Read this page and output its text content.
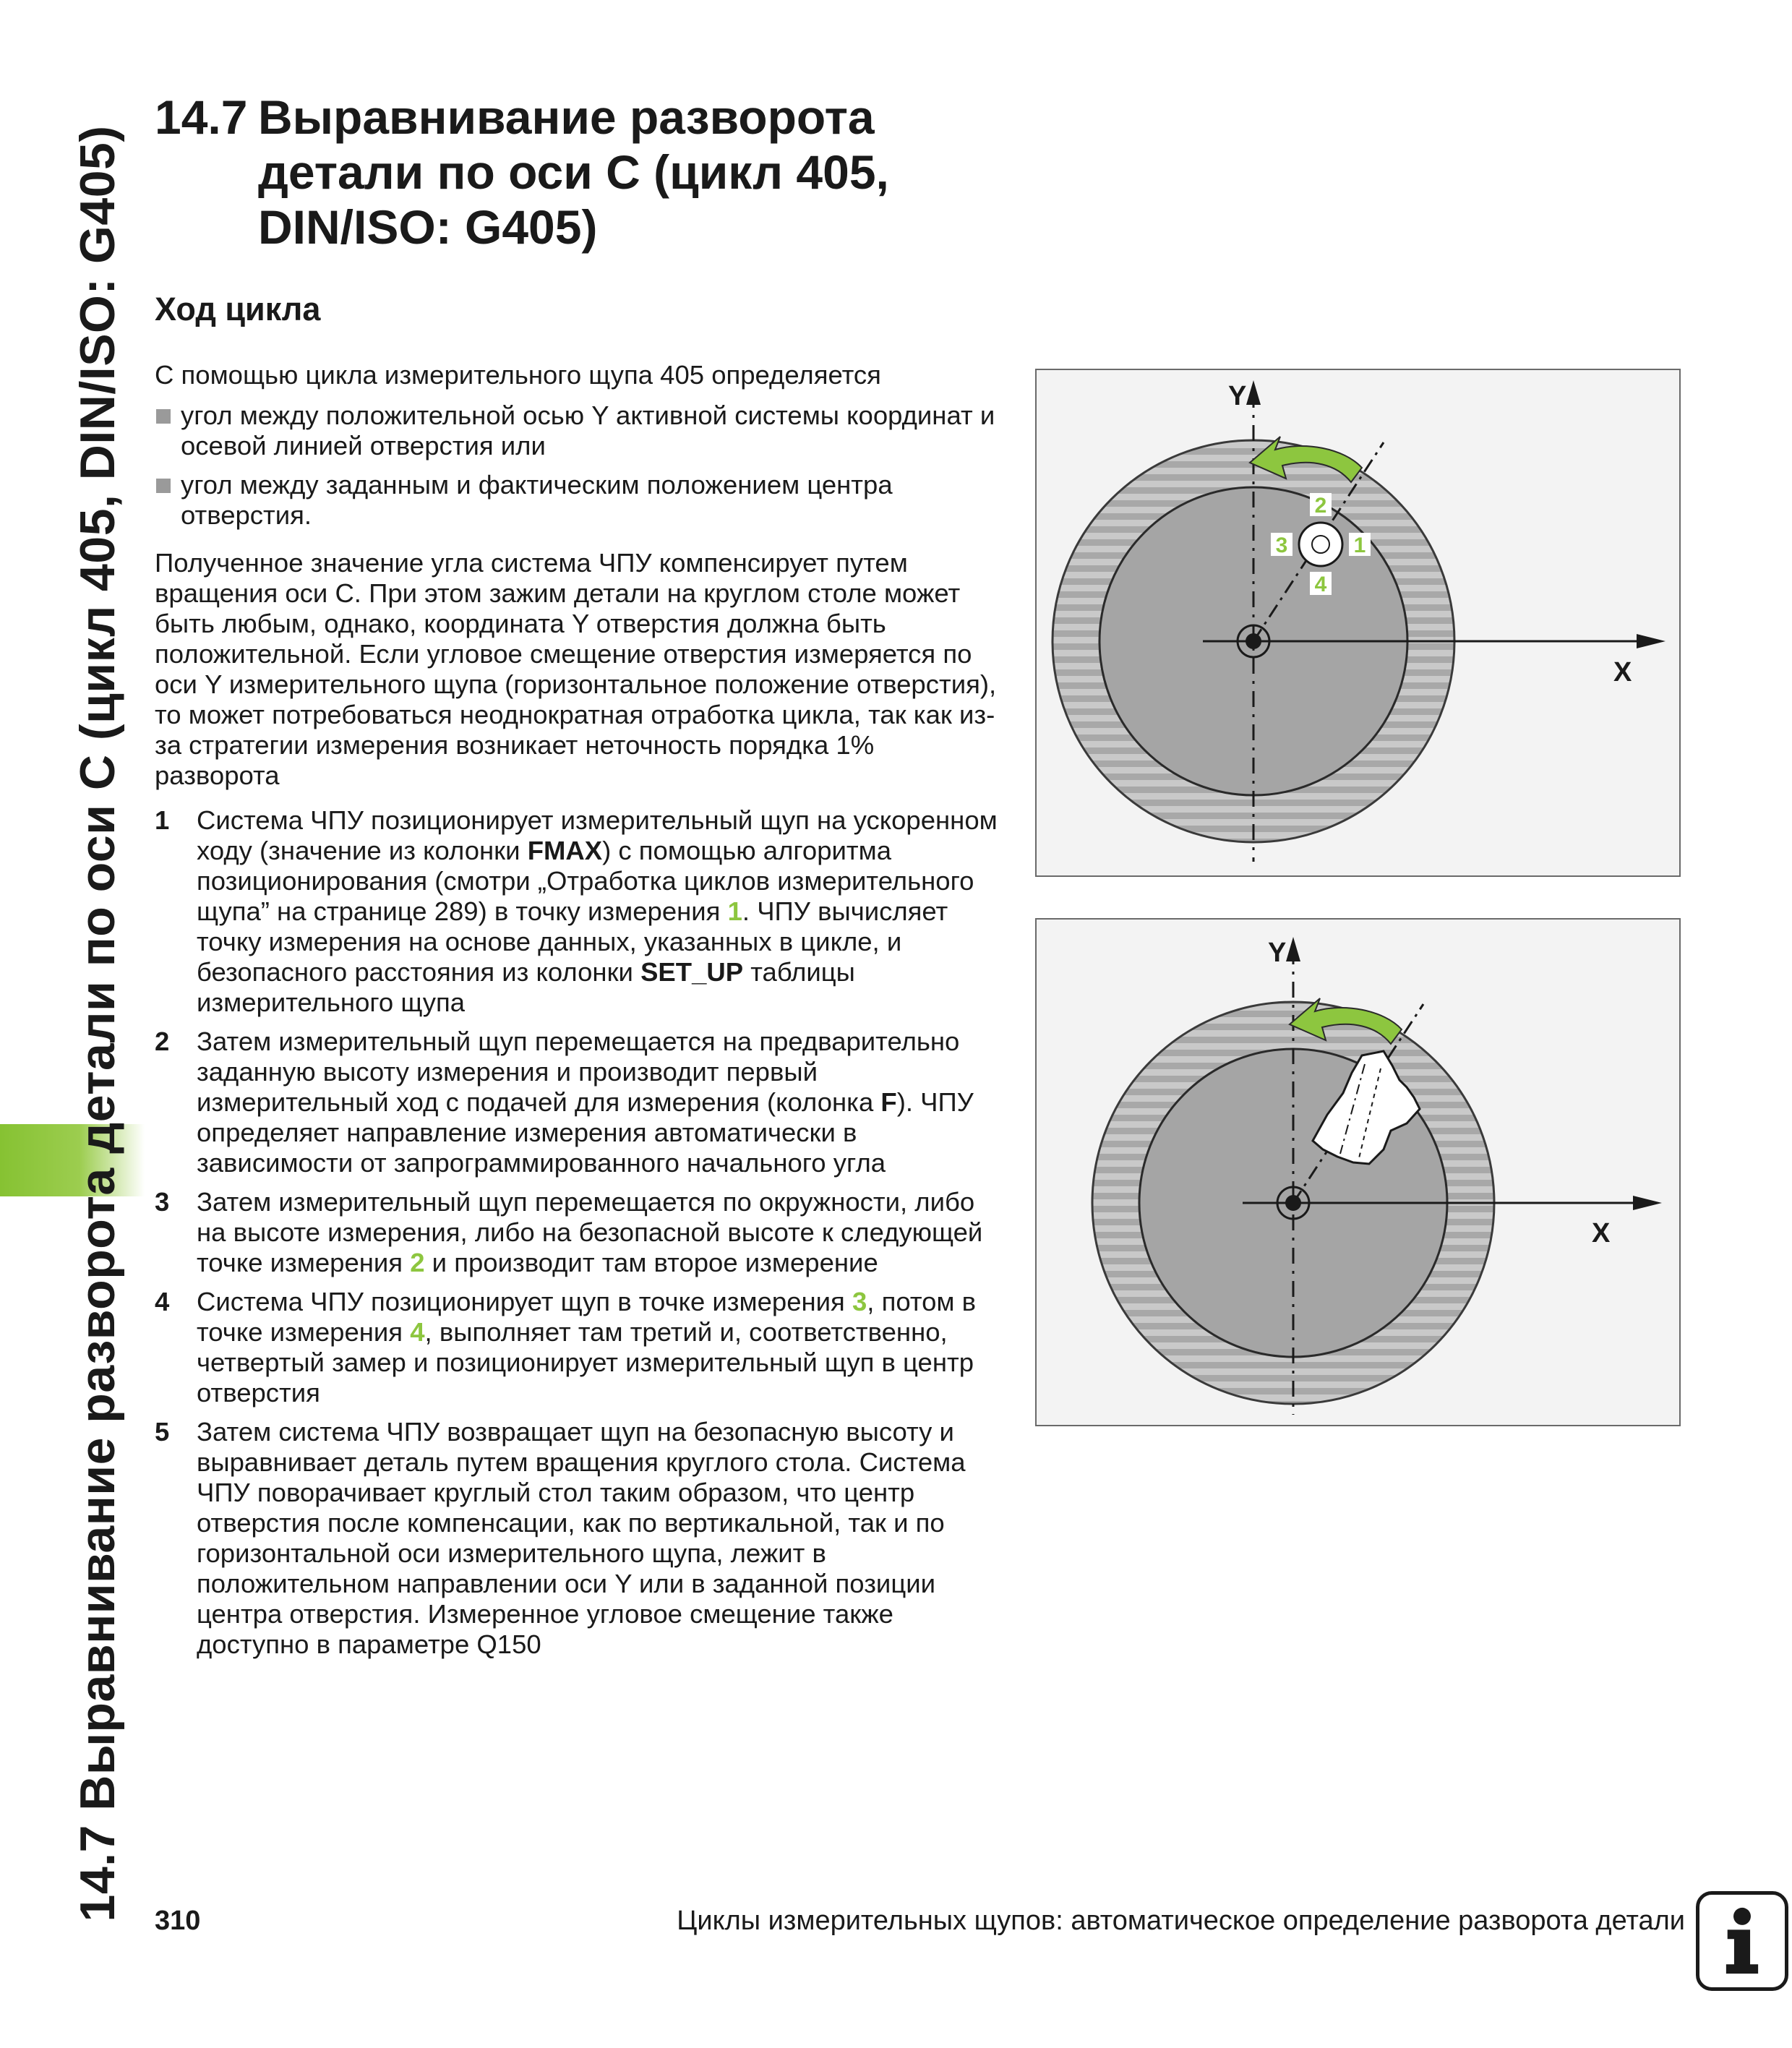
14.7 Выравнивание разворота детали по оси C (цикл 405, DIN/ISO: G405)
14.7 Выравнивание разворота детали по оси C (цикл 405, DIN/ISO: G405)
Ход цикла

С помощью цикла измерительного щупа 405 определяется

угол между положительной осью Y активной системы координат и осевой линией отверстия или
угол между заданным и фактическим положением центра отверстия.

Полученное значение угла система ЧПУ компенсирует путем вращения оси C. При этом зажим детали на круглом столе может быть любым, однако, координата Y отверстия должна быть положительной. Если угловое смещение отверстия измеряется по оси Y измерительного щупа (горизонтальное положение отверстия), то может потребоваться неоднократная отработка цикла, так как из-за стратегии измерения возникает неточность порядка 1% разворота

1 Система ЧПУ позиционирует измерительный щуп на ускоренном ходу (значение из колонки FMAX) с помощью алгоритма позиционирования (смотри „Отработка циклов измерительного щупа” на странице 289) в точку измерения 1. ЧПУ вычисляет точку измерения на основе данных, указанных в цикле, и безопасного расстояния из колонки SET_UP таблицы измерительного щупа
2 Затем измерительный щуп перемещается на предварительно заданную высоту измерения и производит первый измерительный ход с подачей для измерения (колонка F). ЧПУ определяет направление измерения автоматически в зависимости от запрограммированного начального угла
3 Затем измерительный щуп перемещается по окружности, либо на высоте измерения, либо на безопасной высоте к следующей точке измерения 2 и производит там второе измерение
4 Система ЧПУ позиционирует щуп в точке измерения 3, потом в точке измерения 4, выполняет там третий и, соответственно, четвертый замер и позиционирует измерительный щуп в центр отверстия
5 Затем система ЧПУ возвращает щуп на безопасную высоту и выравнивает деталь путем вращения круглого стола. Система ЧПУ поворачивает круглый стол таким образом, что центр отверстия после компенсации, как по вертикальной, так и по горизонтальной оси измерительного щупа, лежит в положительном направлении оси Y или в заданной позиции центра отверстия. Измеренное угловое смещение также доступно в параметре Q150
2
3	1
4
Y
X
Y
X
310	Циклы измерительных щупов: автоматическое определение разворота детали
